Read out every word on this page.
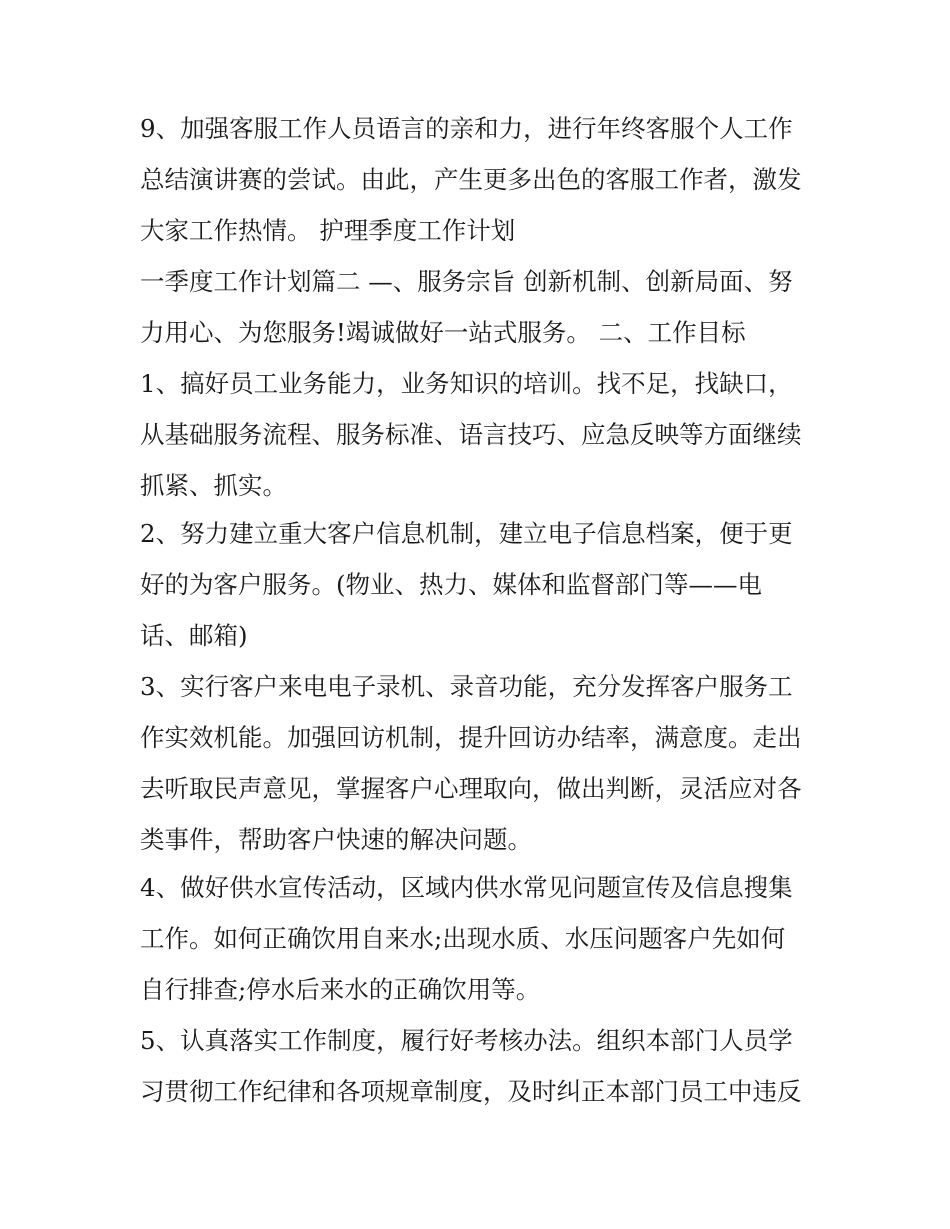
9、加强客服工作人员语言的亲和力，进行年终客服个人工作
总结演讲赛的尝试。由此，产生更多出色的客服工作者，激发
大家工作热情。 护理季度工作计划
一季度工作计划篇二 —、服务宗旨 创新机制、创新局面、努
力用心、为您服务!竭诚做好一站式服务。 二、工作目标
1、搞好员工业务能力，业务知识的培训。找不足，找缺口，
从基础服务流程、服务标准、语言技巧、应急反映等方面继续
抓紧、抓实。
2、努力建立重大客户信息机制，建立电子信息档案，便于更
好的为客户服务。(物业、热力、媒体和监督部门等——电
话、邮箱)
3、实行客户来电电子录机、录音功能，充分发挥客户服务工
作实效机能。加强回访机制，提升回访办结率，满意度。走出
去听取民声意见，掌握客户心理取向，做出判断，灵活应对各
类事件，帮助客户快速的解决问题。
4、做好供水宣传活动，区域内供水常见问题宣传及信息搜集
工作。如何正确饮用自来水;出现水质、水压问题客户先如何
自行排查;停水后来水的正确饮用等。
5、认真落实工作制度，履行好考核办法。组织本部门人员学
习贯彻工作纪律和各项规章制度，及时纠正本部门员工中违反
